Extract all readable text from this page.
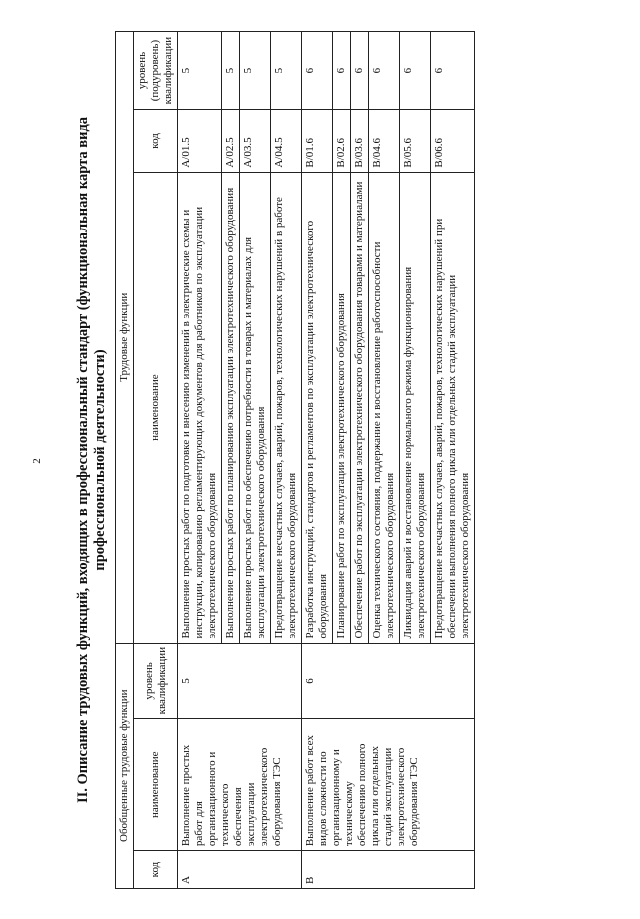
2 II. Описание трудовых функций, входящих в профессиональный стандарт (функциональная карта вида профессиональной деятельности)
Обобщенные трудовые функции			Трудовые функции		
код	наименование	уровень квалификации	наименование	код	уровень (подуровень) квалификации
А	Выполнение простых работ для организационного и технического обеспечения эксплуатации электротехнического оборудования ТЭС	5	Выполнение простых работ по подготовке и внесению изменений в электрические схемы и инструкции, копированию регламентирующих документов для работников по эксплуатации электротехнического оборудования	A/01.5	5
			Выполнение простых работ по планированию эксплуатации электротехнического оборудования	A/02.5	5
			Выполнение простых работ по обеспечению потребности в товарах и материалах для эксплуатации электротехнического оборудования	A/03.5	5
			Предотвращение несчастных случаев, аварий, пожаров, технологических нарушений в работе электротехнического оборудования	A/04.5	5
В	Выполнение работ всех видов сложности по организационному и техническому обеспечению полного цикла или отдельных стадий эксплуатации электротехнического оборудования ТЭС	6	Разработка инструкций, стандартов и регламентов по эксплуатации электротехнического оборудования	B/01.6	6
			Планирование работ по эксплуатации электротехнического оборудования	B/02.6	6
			Обеспечение работ по эксплуатации электротехнического оборудования товарами и материалами	B/03.6	6
			Оценка технического состояния, поддержание и восстановление работоспособности электротехнического оборудования	B/04.6	6
			Ликвидация аварий и восстановление нормального режима функционирования электротехнического оборудования	B/05.6	6
			Предотвращение несчастных случаев, аварий, пожаров, технологических нарушений при обеспечении выполнения полного цикла или отдельных стадий эксплуатации электротехнического оборудования	B/06.6	6
